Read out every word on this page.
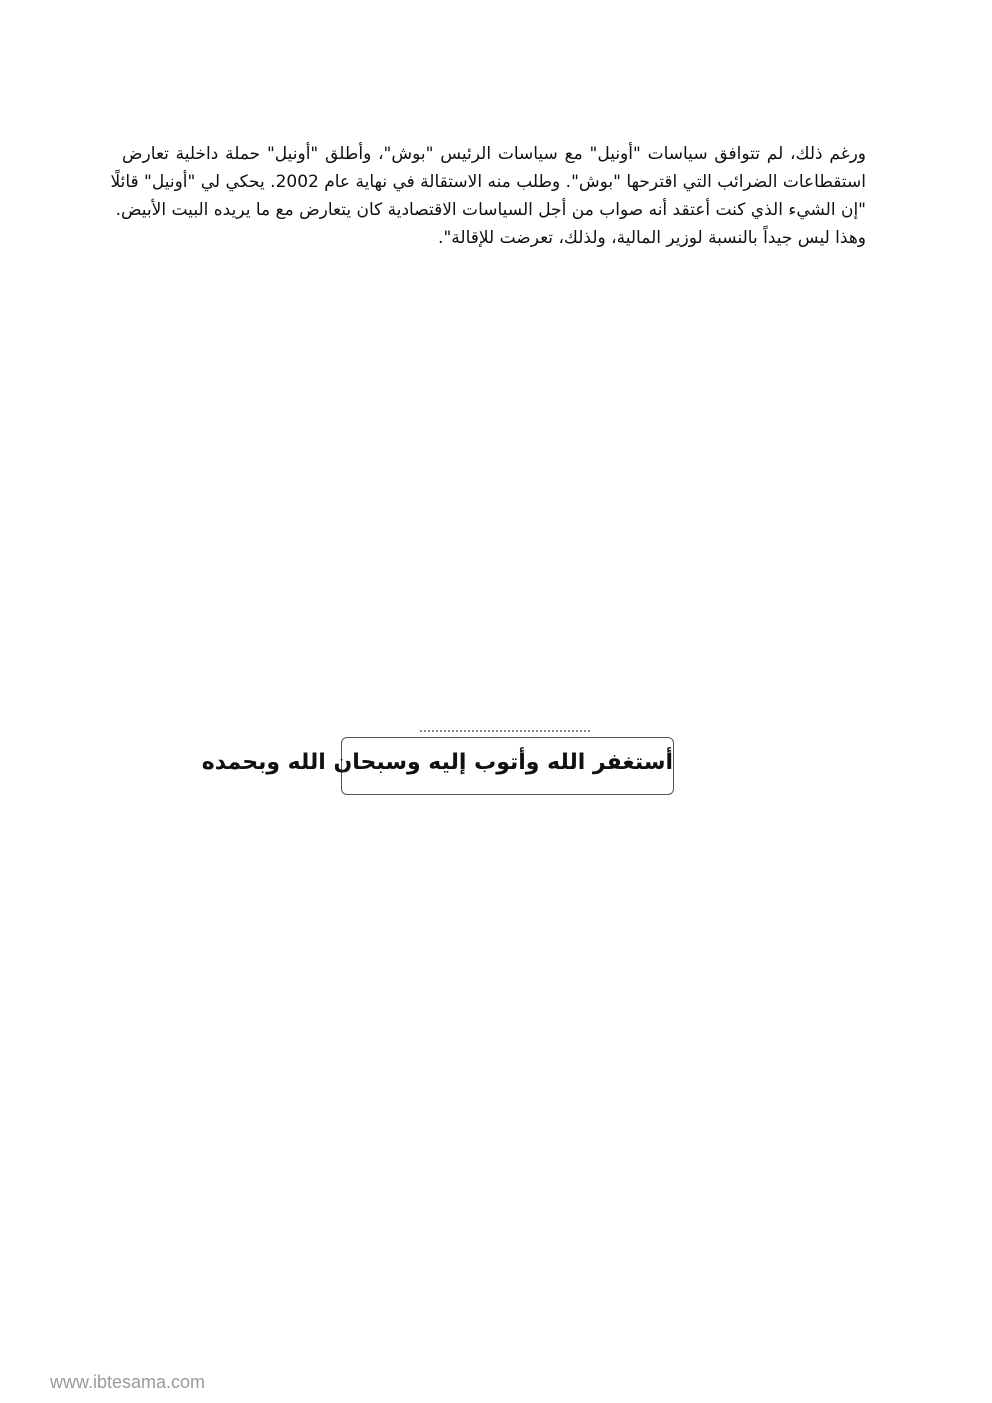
ورغم ذلك، لم تتوافق سياسات "أونيل" مع سياسات الرئيس "بوش"، وأطلق "أونيل" حملة داخلية تعارض
استقطاعات الضرائب التي اقترحها "بوش". وطلب منه الاستقالة في نهاية عام 2002. يحكي لي "أونيل" قائلًا
"إن الشيء الذي كنت أعتقد أنه صواب من أجل السياسات الاقتصادية كان يتعارض مع ما يريده البيت الأبيض.
وهذا ليس جيداً بالنسبة لوزير المالية، ولذلك، تعرضت للإقالة".
أستغفر الله وأتوب إليه وسبحان الله وبحمده
www.ibtesama.com
